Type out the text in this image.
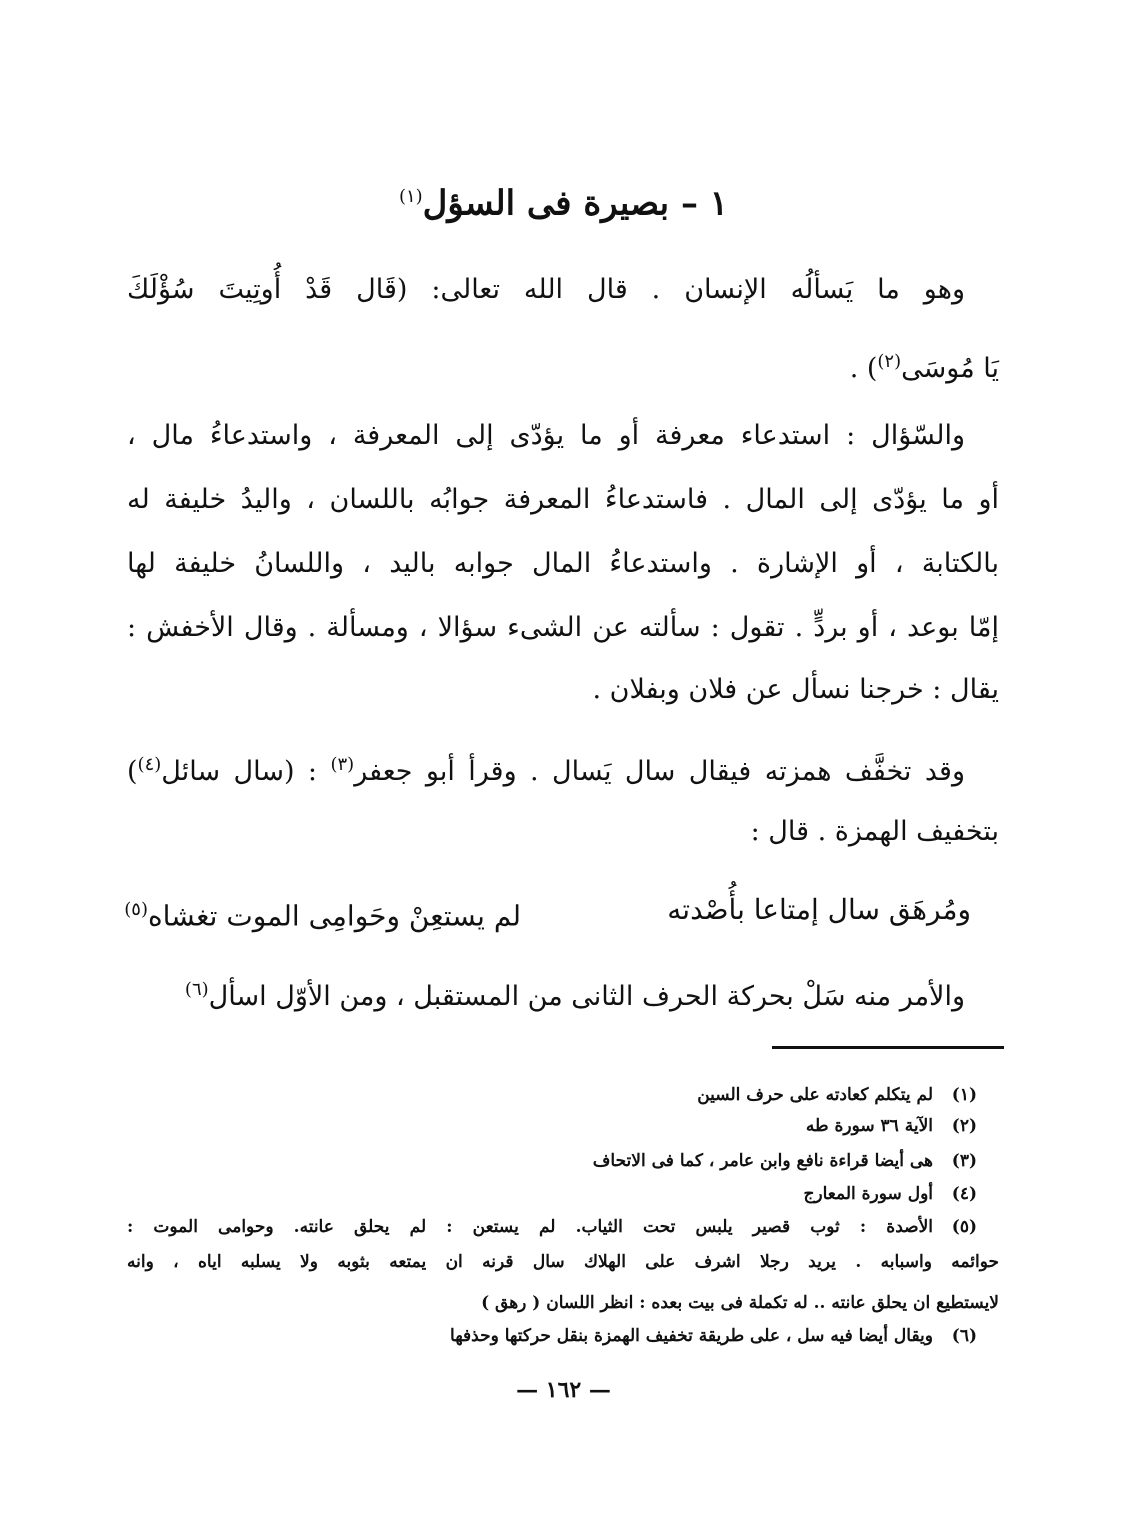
١ – بصيرة فى السؤل$^{(١)}$
وهو ما يَسألُه الإنسان . قال الله تعالى: (قَال قَدْ أُوتِيتَ سُؤْلَكَ
يَا مُوسَى$^{(٢)}$) .
والسّؤال : استدعاء معرفة أو ما يؤدّى إلى المعرفة ، واستدعاءُ مال ،
أو ما يؤدّى إلى المال . فاستدعاءُ المعرفة جوابُه باللسان ، واليدُ خليفة له
بالكتابة ، أو الإشارة . واستدعاءُ المال جوابه باليد ، واللسانُ خليفة لها
إمّا بوعد ، أو بردٍّ . تقول : سألته عن الشىء سؤالا ، ومسألة . وقال الأخفش :
يقال : خرجنا نسأل عن فلان وبفلان .
وقد تخفَّف همزته فيقال سال يَسال . وقرأ أبو جعفر$^{(٣)}$ : (سال سائل$^{(٤)}$)
بتخفيف الهمزة . قال :
ومُرهَق سال إمتاعا بأُصْدته
لم يستعِنْ وحَوامِى الموت تغشاه$^{(٥)}$
والأمر منه سَلْ بحركة الحرف الثانى من المستقبل ، ومن الأوّل اسأل$^{(٦)}$
(١)لم يتكلم كعادته على حرف السين
(٢)الآية ٣٦ سورة طه
(٣)هى أيضا قراءة نافع وابن عامر ، كما فى الاتحاف
(٤)أول سورة المعارج
(٥)الأصدة : ثوب قصير يلبس تحت الثياب. لم يستعن : لم يحلق عانته. وحوامى الموت :
حوائمه واسبابه . يريد رجلا اشرف على الهلاك سال قرنه ان يمتعه بثوبه ولا يسلبه اياه ، وانه
لايستطيع ان يحلق عانته .. له تكملة فى بيت بعده : انظر اللسان ( رهق )
(٦)ويقال أيضا فيه سل ، على طريقة تخفيف الهمزة بنقل حركتها وحذفها
— ١٦٢ —
